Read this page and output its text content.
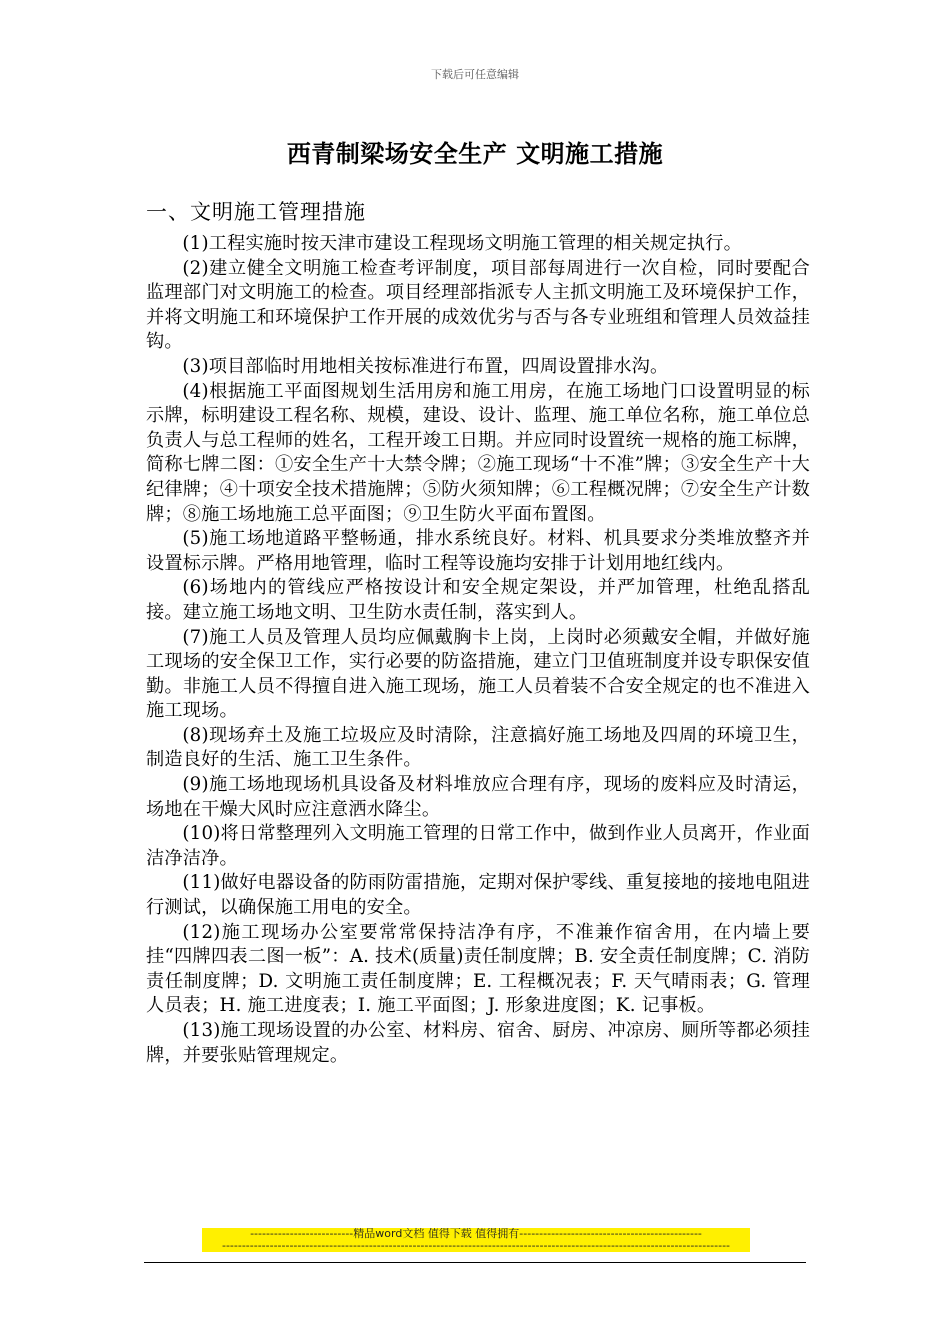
下载后可任意编辑
西青制梁场安全生产 文明施工措施
一、文明施工管理措施

(1)工程实施时按天津市建设工程现场文明施工管理的相关规定执行。

(2)建立健全文明施工检查考评制度，项目部每周进行一次自检，同时要配合监理部门对文明施工的检查。项目经理部指派专人主抓文明施工及环境保护工作，并将文明施工和环境保护工作开展的成效优劣与否与各专业班组和管理人员效益挂钩。

(3)项目部临时用地相关按标准进行布置，四周设置排水沟。

(4)根据施工平面图规划生活用房和施工用房，在施工场地门口设置明显的标示牌，标明建设工程名称、规模，建设、设计、监理、施工单位名称，施工单位总负责人与总工程师的姓名，工程开竣工日期。并应同时设置统一规格的施工标牌，简称七牌二图：①安全生产十大禁令牌；②施工现场“十不准”牌；③安全生产十大纪律牌；④十项安全技术措施牌；⑤防火须知牌；⑥工程概况牌；⑦安全生产计数牌；⑧施工场地施工总平面图；⑨卫生防火平面布置图。

(5)施工场地道路平整畅通，排水系统良好。材料、机具要求分类堆放整齐并设置标示牌。严格用地管理，临时工程等设施均安排于计划用地红线内。

(6)场地内的管线应严格按设计和安全规定架设，并严加管理，杜绝乱搭乱接。建立施工场地文明、卫生防水责任制，落实到人。

(7)施工人员及管理人员均应佩戴胸卡上岗，上岗时必须戴安全帽，并做好施工现场的安全保卫工作，实行必要的防盗措施，建立门卫值班制度并设专职保安值勤。非施工人员不得擅自进入施工现场，施工人员着装不合安全规定的也不准进入施工现场。

(8)现场弃土及施工垃圾应及时清除，注意搞好施工场地及四周的环境卫生，制造良好的生活、施工卫生条件。

(9)施工场地现场机具设备及材料堆放应合理有序，现场的废料应及时清运，场地在干燥大风时应注意洒水降尘。

(10)将日常整理列入文明施工管理的日常工作中，做到作业人员离开，作业面洁净洁净。

(11)做好电器设备的防雨防雷措施，定期对保护零线、重复接地的接地电阻进行测试，以确保施工用电的安全。

(12)施工现场办公室要常常保持洁净有序，不准兼作宿舍用，在内墙上要挂“四牌四表二图一板”：A. 技术(质量)责任制度牌；B. 安全责任制度牌；C. 消防责任制度牌；D. 文明施工责任制度牌；E. 工程概况表；F. 天气晴雨表；G. 管理人员表；H. 施工进度表；I. 施工平面图；J. 形象进度图；K. 记事板。

(13)施工现场设置的办公室、材料房、宿舍、厨房、冲凉房、厕所等都必须挂牌，并要张贴管理规定。

--------------------------精品word文档 值得下载 值得拥有----------------------------------------------
--------------------------------------------------------------------------------------------------------------------------------
